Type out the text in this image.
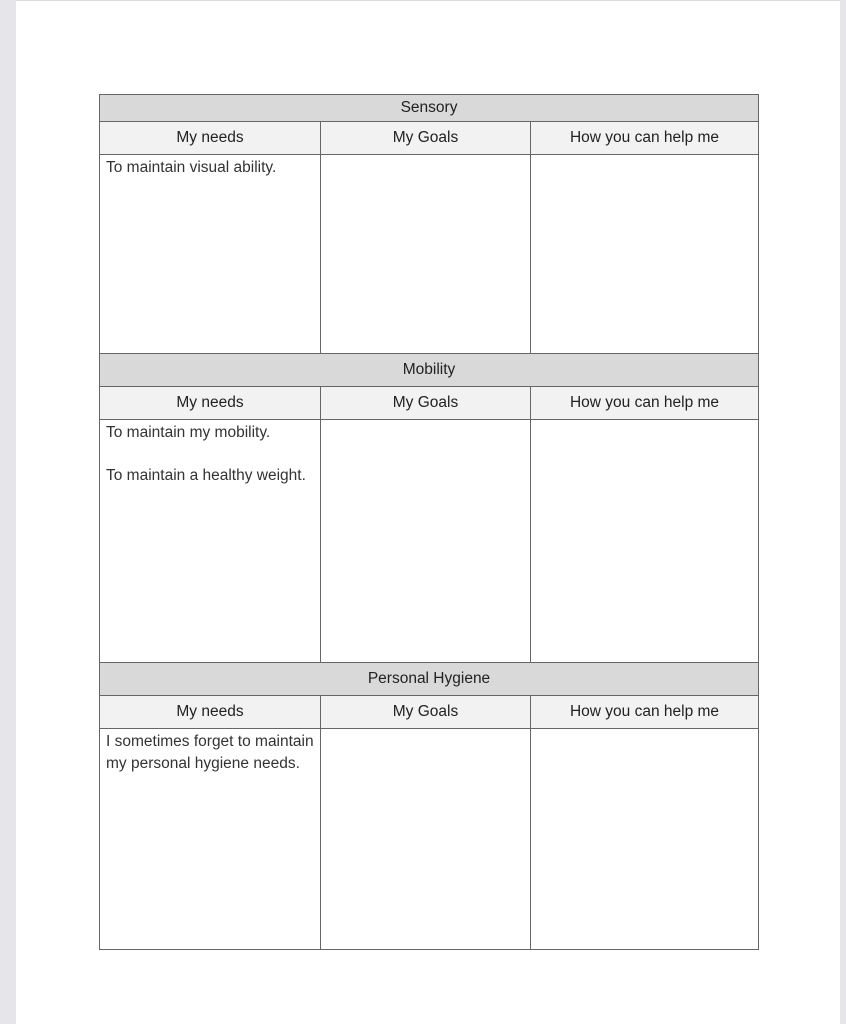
Sensory		
My needs	My Goals	How you can help me

To maintain visual ability.		

Mobility		
My needs	My Goals	How you can help me

To maintain my mobility.
To maintain a healthy weight.		

Personal Hygiene		
My needs	My Goals	How you can help me

I sometimes forget to maintain my personal hygiene needs.		
